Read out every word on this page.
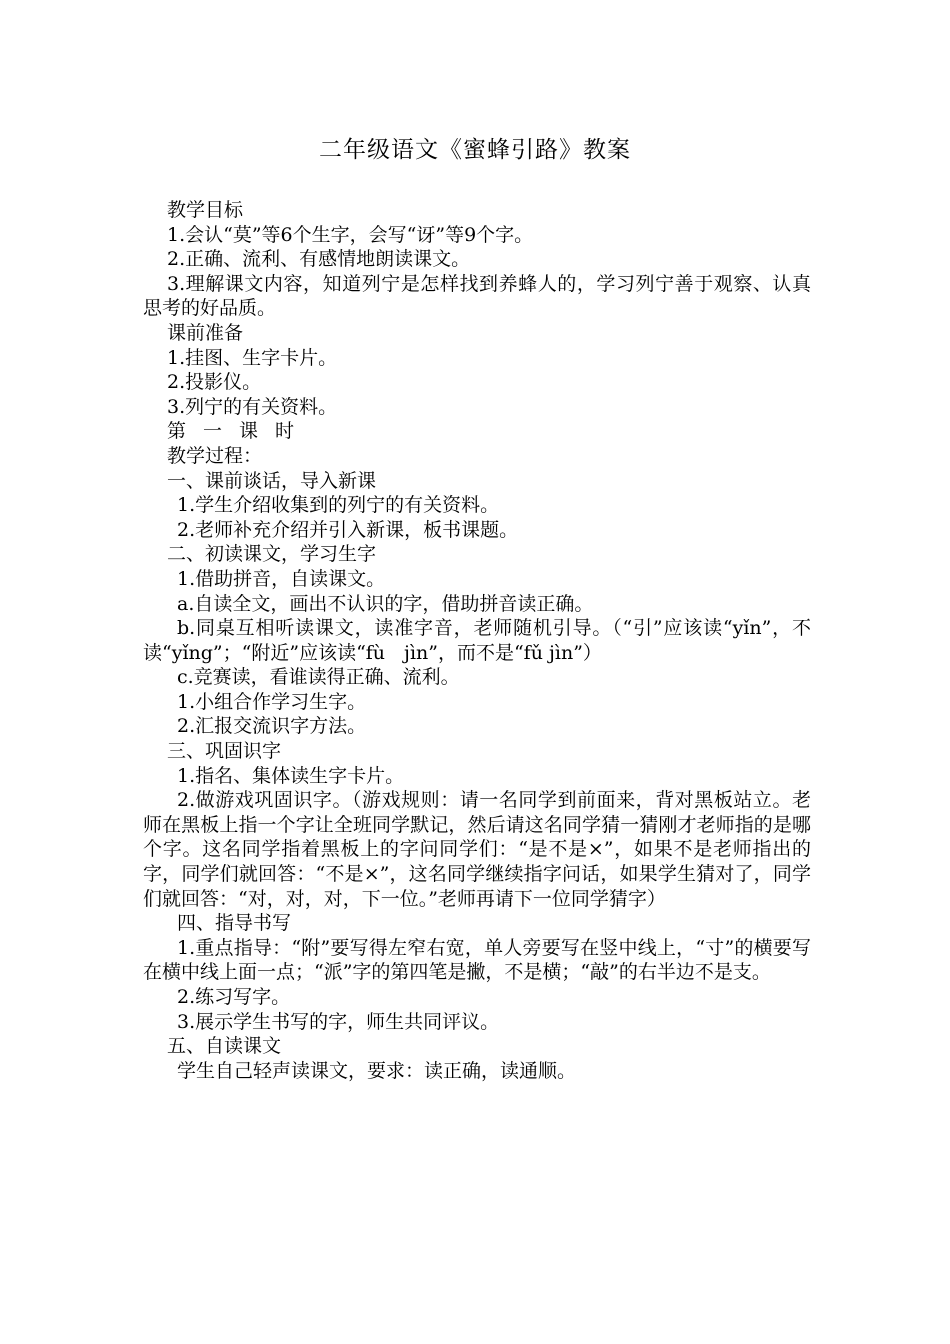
二年级语文《蜜蜂引路》教案

教学目标

1.会认“莫”等6个生字，会写“讶”等9个字。

2.正确、流利、有感情地朗读课文。

3.理解课文内容，知道列宁是怎样找到养蜂人的，学习列宁善于观察、认真思考的好品质。

课前准备

1.挂图、生字卡片。

2.投影仪。

3.列宁的有关资料。

第一课时

教学过程：

一、课前谈话，导入新课

1.学生介绍收集到的列宁的有关资料。

2.老师补充介绍并引入新课，板书课题。

二、初读课文，学习生字

1.借助拼音，自读课文。

a.自读全文，画出不认识的字，借助拼音读正确。

b.同桌互相听读课文，读准字音，老师随机引导。（“引”应该读“yǐn”，不读“yǐng”；“附近”应该读“fù　jìn”，而不是“fǔ jìn”）

c.竞赛读，看谁读得正确、流利。

1.小组合作学习生字。

2.汇报交流识字方法。

三、巩固识字

1.指名、集体读生字卡片。

2.做游戏巩固识字。（游戏规则：请一名同学到前面来，背对黑板站立。老师在黑板上指一个字让全班同学默记，然后请这名同学猜一猜刚才老师指的是哪个字。这名同学指着黑板上的字问同学们：“是不是×”，如果不是老师指出的字，同学们就回答：“不是×”，这名同学继续指字问话，如果学生猜对了，同学们就回答：“对，对，对，下一位。”老师再请下一位同学猜字）

四、指导书写

1.重点指导：“附”要写得左窄右宽，单人旁要写在竖中线上，“寸”的横要写在横中线上面一点；“派”字的第四笔是撇，不是横；“敲”的右半边不是支。

2.练习写字。

3.展示学生书写的字，师生共同评议。

五、自读课文

学生自己轻声读课文，要求：读正确，读通顺。
